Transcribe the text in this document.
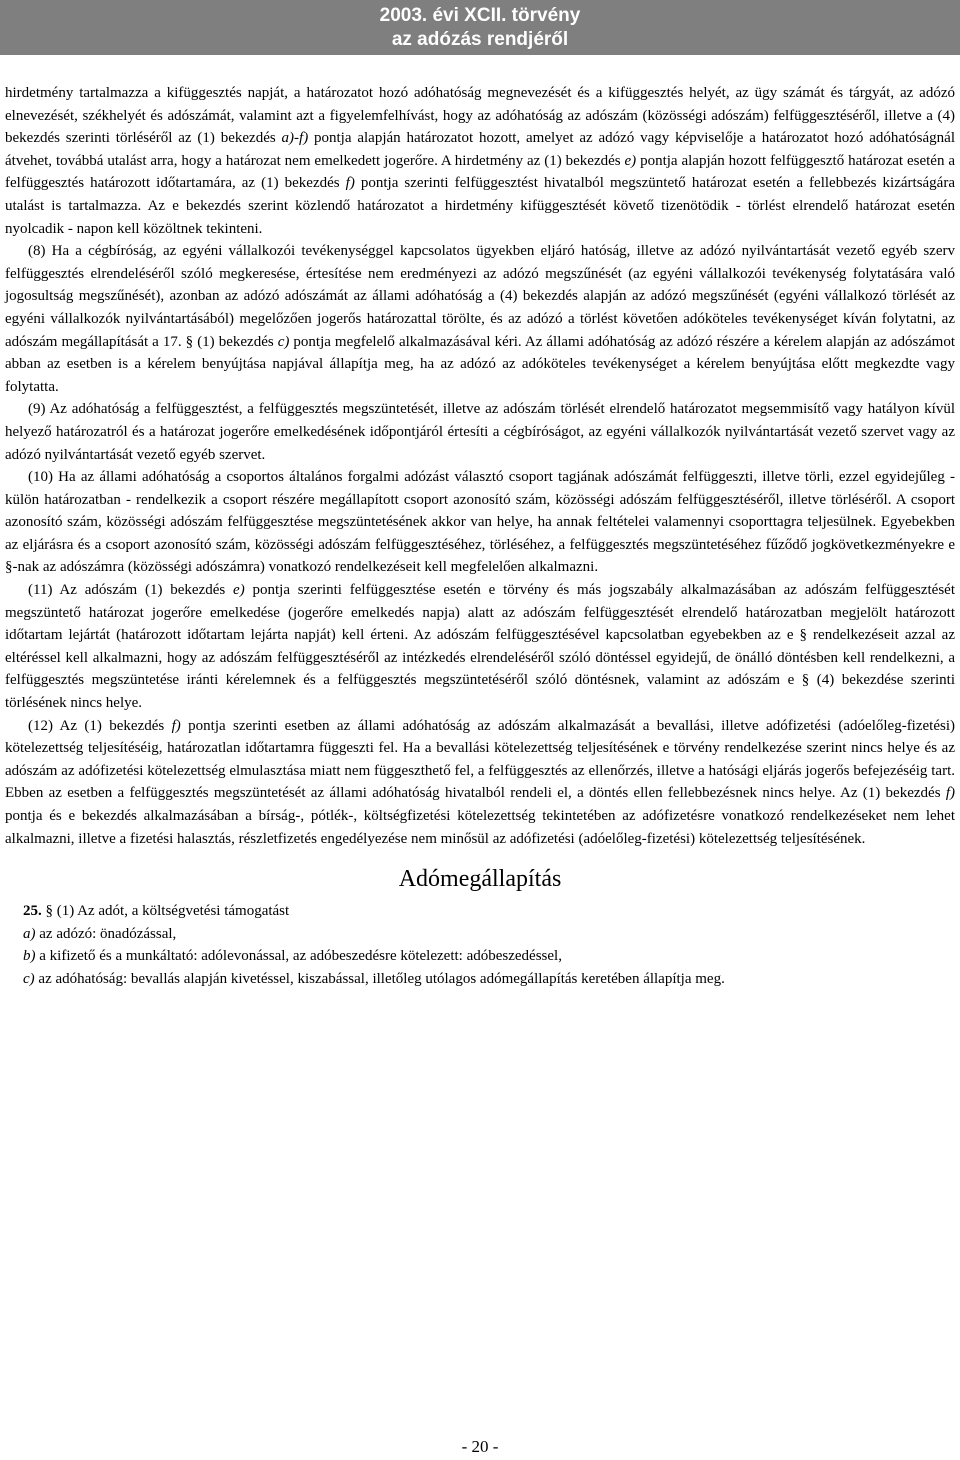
2003. évi XCII. törvény
az adózás rendjéről

hirdetmény tartalmazza a kifüggesztés napját, a határozatot hozó adóhatóság megnevezését és a kifüggesztés helyét, az ügy számát és tárgyát, az adózó elnevezését, székhelyét és adószámát, valamint azt a figyelemfelhívást, hogy az adóhatóság az adószám (közösségi adószám) felfüggesztéséről, illetve a (4) bekezdés szerinti törléséről az (1) bekezdés a)-f) pontja alapján határozatot hozott, amelyet az adózó vagy képviselője a határozatot hozó adóhatóságnál átvehet, továbbá utalást arra, hogy a határozat nem emelkedett jogerőre. A hirdetmény az (1) bekezdés e) pontja alapján hozott felfüggesztő határozat esetén a felfüggesztés határozott időtartamára, az (1) bekezdés f) pontja szerinti felfüggesztést hivatalból megszüntető határozat esetén a fellebbezés kizártságára utalást is tartalmazza. Az e bekezdés szerint közlendő határozatot a hirdetmény kifüggesztését követő tizenötödik - törlést elrendelő határozat esetén nyolcadik - napon kell közöltnek tekinteni.

(8) Ha a cégbíróság, az egyéni vállalkozói tevékenységgel kapcsolatos ügyekben eljáró hatóság, illetve az adózó nyilvántartását vezető egyéb szerv felfüggesztés elrendeléséről szóló megkeresése, értesítése nem eredményezi az adózó megszűnését (az egyéni vállalkozói tevékenység folytatására való jogosultság megszűnését), azonban az adózó adószámát az állami adóhatóság a (4) bekezdés alapján az adózó megszűnését (egyéni vállalkozó törlését az egyéni vállalkozók nyilvántartásából) megelőzően jogerős határozattal törölte, és az adózó a törlést követően adóköteles tevékenységet kíván folytatni, az adószám megállapítását a 17. § (1) bekezdés c) pontja megfelelő alkalmazásával kéri. Az állami adóhatóság az adózó részére a kérelem alapján az adószámot abban az esetben is a kérelem benyújtása napjával állapítja meg, ha az adózó az adóköteles tevékenységet a kérelem benyújtása előtt megkezdte vagy folytatta.

(9) Az adóhatóság a felfüggesztést, a felfüggesztés megszüntetését, illetve az adószám törlését elrendelő határozatot megsemmisítő vagy hatályon kívül helyező határozatról és a határozat jogerőre emelkedésének időpontjáról értesíti a cégbíróságot, az egyéni vállalkozók nyilvántartását vezető szervet vagy az adózó nyilvántartását vezető egyéb szervet.

(10) Ha az állami adóhatóság a csoportos általános forgalmi adózást választó csoport tagjának adószámát felfüggeszti, illetve törli, ezzel egyidejűleg - külön határozatban - rendelkezik a csoport részére megállapított csoport azonosító szám, közösségi adószám felfüggesztéséről, illetve törléséről. A csoport azonosító szám, közösségi adószám felfüggesztése megszüntetésének akkor van helye, ha annak feltételei valamennyi csoporttagra teljesülnek. Egyebekben az eljárásra és a csoport azonosító szám, közösségi adószám felfüggesztéséhez, törléséhez, a felfüggesztés megszüntetéséhez fűződő jogkövetkezményekre e §-nak az adószámra (közösségi adószámra) vonatkozó rendelkezéseit kell megfelelően alkalmazni.

(11) Az adószám (1) bekezdés e) pontja szerinti felfüggesztése esetén e törvény és más jogszabály alkalmazásában az adószám felfüggesztését megszüntető határozat jogerőre emelkedése (jogerőre emelkedés napja) alatt az adószám felfüggesztését elrendelő határozatban megjelölt határozott időtartam lejártát (határozott időtartam lejárta napját) kell érteni. Az adószám felfüggesztésével kapcsolatban egyebekben az e § rendelkezéseit azzal az eltéréssel kell alkalmazni, hogy az adószám felfüggesztéséről az intézkedés elrendeléséről szóló döntéssel egyidejű, de önálló döntésben kell rendelkezni, a felfüggesztés megszüntetése iránti kérelemnek és a felfüggesztés megszüntetéséről szóló döntésnek, valamint az adószám e § (4) bekezdése szerinti törlésének nincs helye.

(12) Az (1) bekezdés f) pontja szerinti esetben az állami adóhatóság az adószám alkalmazását a bevallási, illetve adófizetési (adóelőleg-fizetési) kötelezettség teljesítéséig, határozatlan időtartamra függeszti fel. Ha a bevallási kötelezettség teljesítésének e törvény rendelkezése szerint nincs helye és az adószám az adófizetési kötelezettség elmulasztása miatt nem függeszthető fel, a felfüggesztés az ellenőrzés, illetve a hatósági eljárás jogerős befejezéséig tart. Ebben az esetben a felfüggesztés megszüntetését az állami adóhatóság hivatalból rendeli el, a döntés ellen fellebbezésnek nincs helye. Az (1) bekezdés f) pontja és e bekezdés alkalmazásában a bírság-, pótlék-, költségfizetési kötelezettség tekintetében az adófizetésre vonatkozó rendelkezéseket nem lehet alkalmazni, illetve a fizetési halasztás, részletfizetés engedélyezése nem minősül az adófizetési (adóelőleg-fizetési) kötelezettség teljesítésének.

Adómegállapítás

25. § (1) Az adót, a költségvetési támogatást

a) az adózó: önadózással,

b) a kifizető és a munkáltató: adólevonással, az adóbeszedésre kötelezett: adóbeszedéssel,

c) az adóhatóság: bevallás alapján kivetéssel, kiszabással, illetőleg utólagos adómegállapítás keretében állapítja meg.

- 20 -
